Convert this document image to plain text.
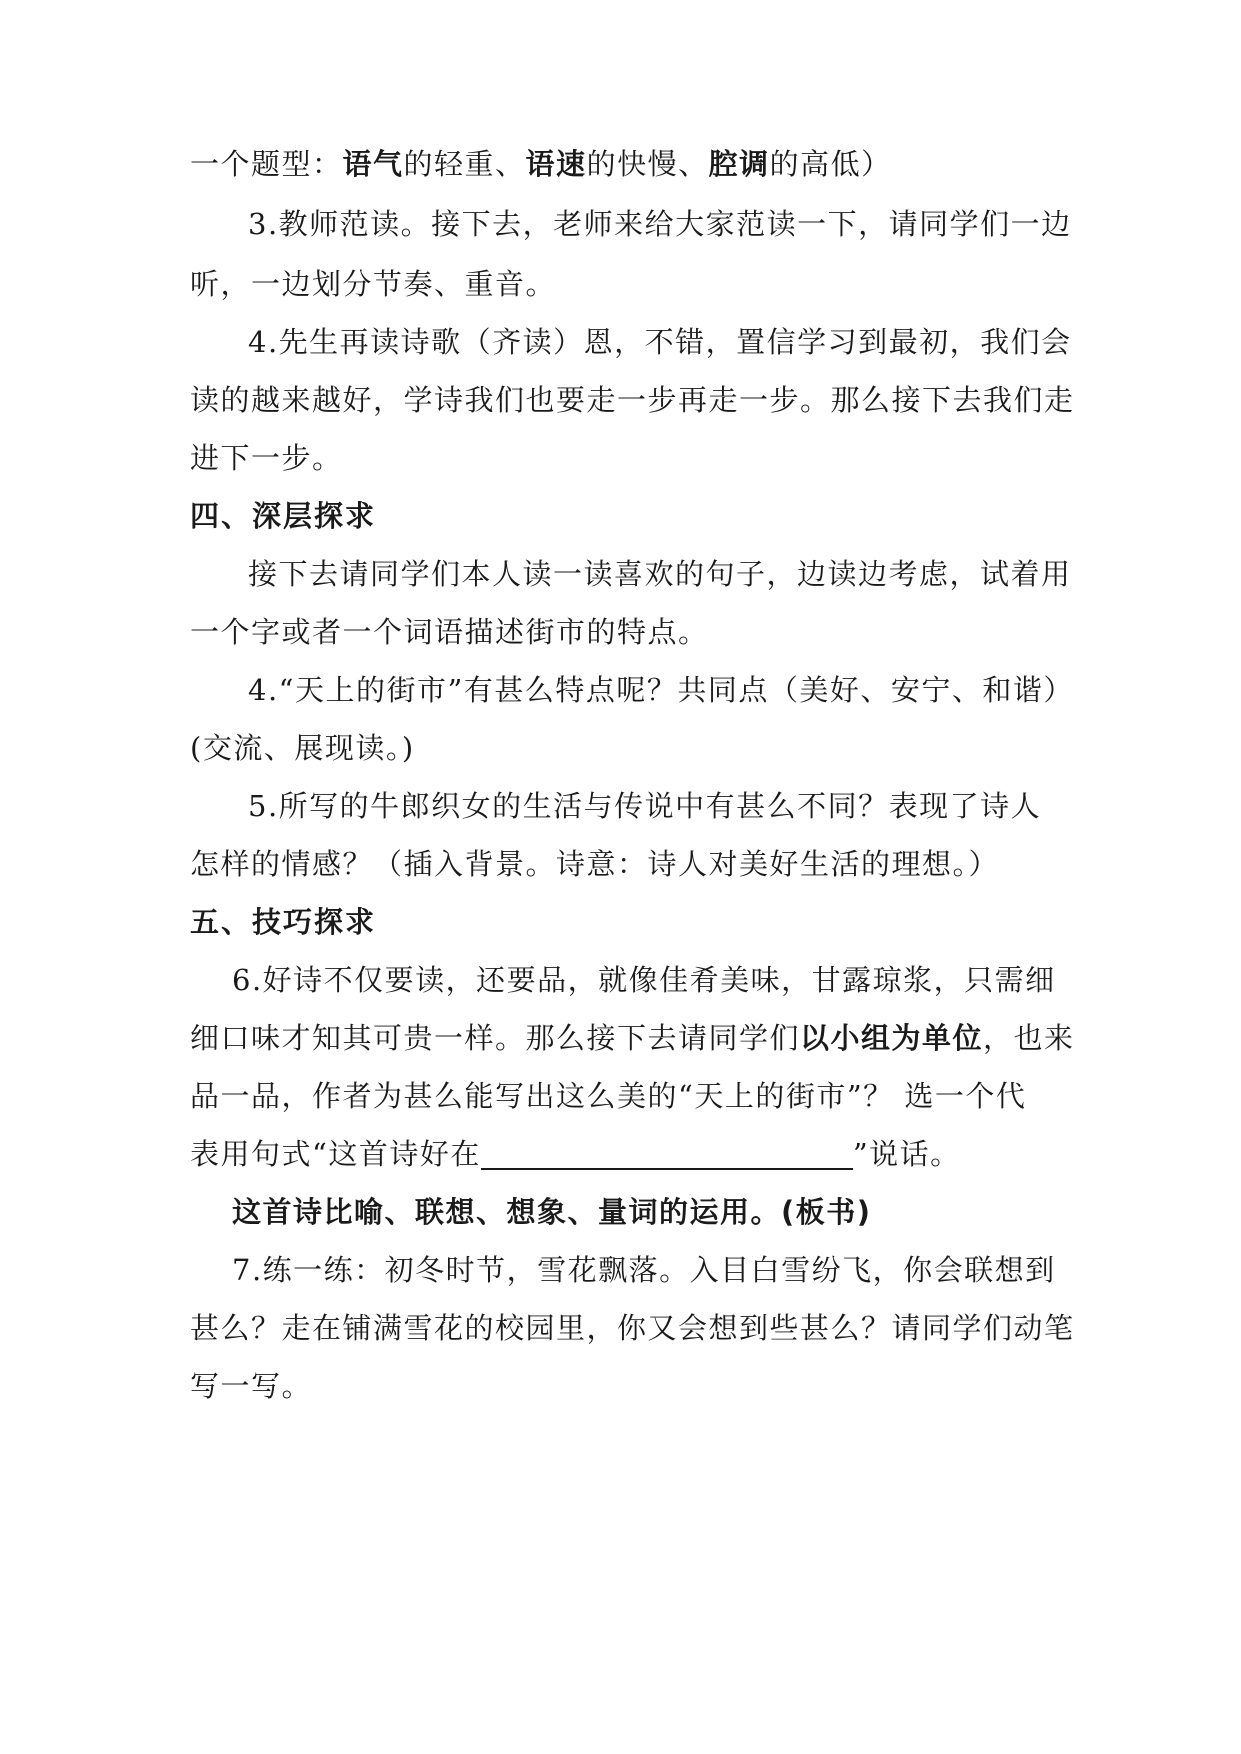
一个题型：语气的轻重、语速的快慢、腔调的高低）
3.教师范读。接下去，老师来给大家范读一下，请同学们一边
听，一边划分节奏、重音。
4.先生再读诗歌（齐读）恩，不错，置信学习到最初，我们会
读的越来越好，学诗我们也要走一步再走一步。那么接下去我们走
进下一步。
四、深层探求
接下去请同学们本人读一读喜欢的句子，边读边考虑，试着用
一个字或者一个词语描述街市的特点。
4.“天上的街市”有甚么特点呢？共同点（美好、安宁、和谐）
(交流、展现读。)
5.所写的牛郎织女的生活与传说中有甚么不同？表现了诗人
怎样的情感？（插入背景。诗意：诗人对美好生活的理想。）
五、技巧探求
6.好诗不仅要读，还要品，就像佳肴美味，甘露琼浆，只需细
细口味才知其可贵一样。那么接下去请同学们以小组为单位，也来
品一品，作者为甚么能写出这么美的“天上的街市”？ 选一个代
表用句式“这首诗好在	”说话。
这首诗比喻、联想、想象、量词的运用。(板书)
7.练一练：初冬时节，雪花飘落。入目白雪纷飞，你会联想到
甚么？走在铺满雪花的校园里，你又会想到些甚么？请同学们动笔
写一写。
